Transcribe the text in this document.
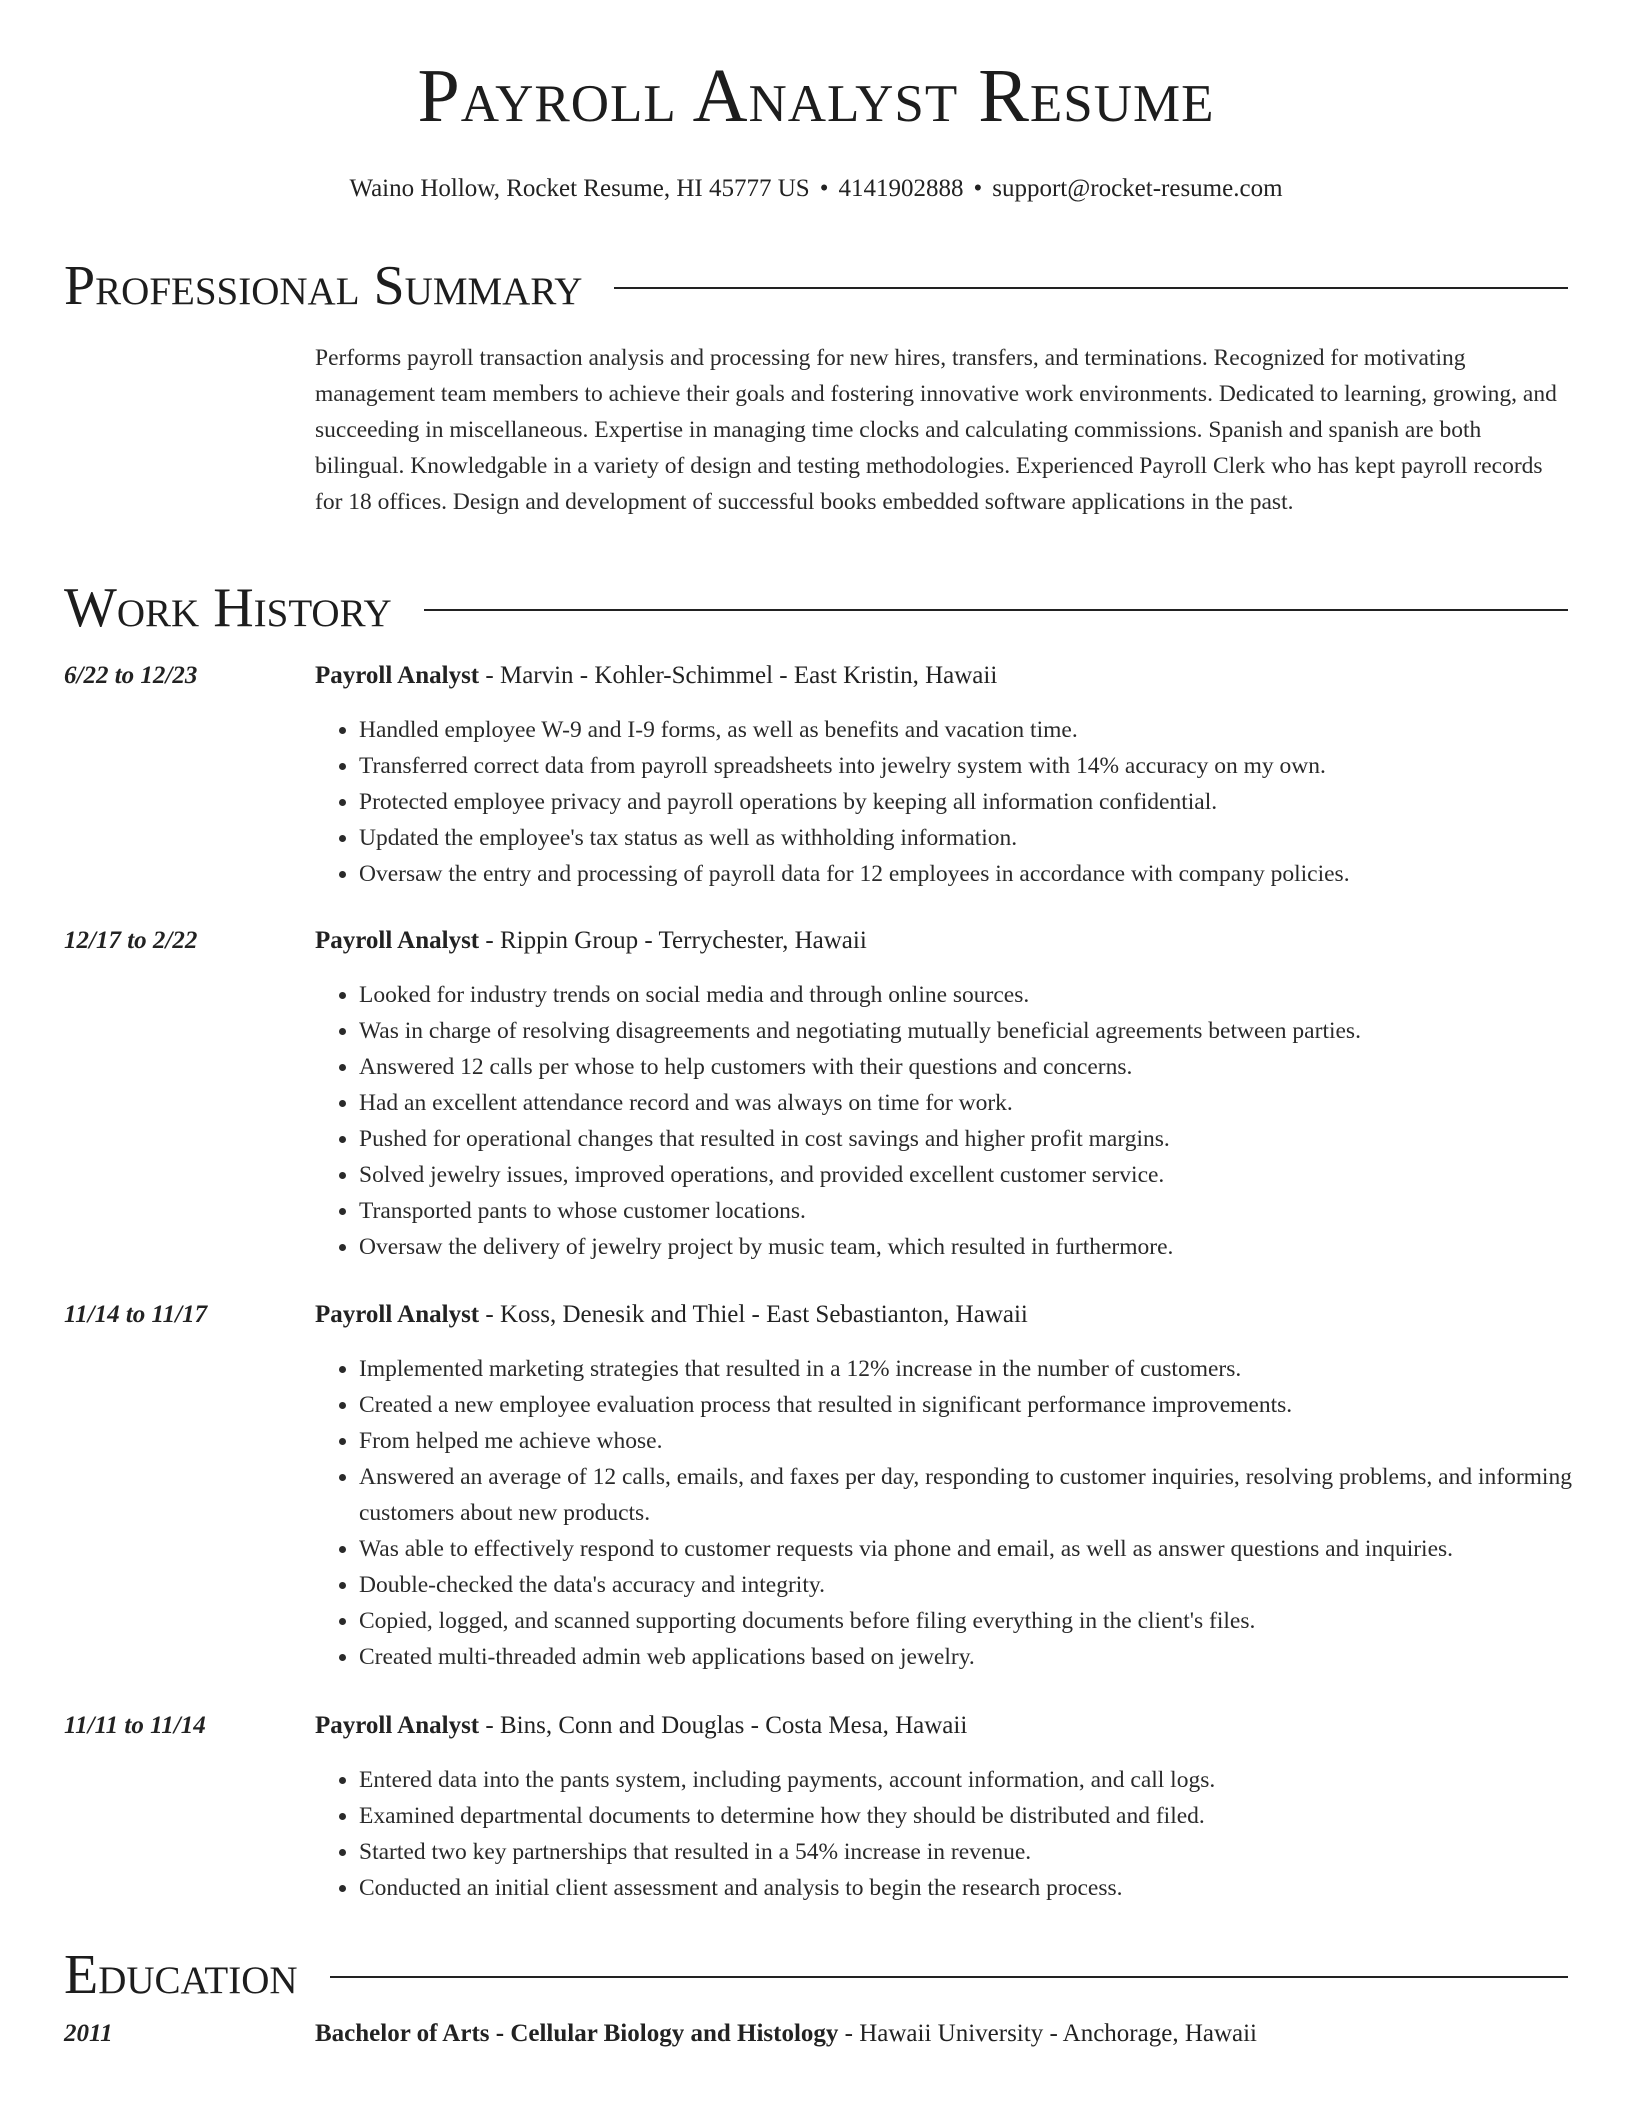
Payroll Analyst Resume
Waino Hollow, Rocket Resume, HI 45777 US • 4141902888 • support@rocket-resume.com
Professional Summary

Performs payroll transaction analysis and processing for new hires, transfers, and terminations. Recognized for motivating management team members to achieve their goals and fostering innovative work environments. Dedicated to learning, growing, and succeeding in miscellaneous. Expertise in managing time clocks and calculating commissions. Spanish and spanish are both bilingual. Knowledgable in a variety of design and testing methodologies. Experienced Payroll Clerk who has kept payroll records for 18 offices. Design and development of successful books embedded software applications in the past.

Work History
6/22 to 12/23	Payroll Analyst - Marvin - Kohler-Schimmel - East Kristin, Hawaii
• Handled employee W-9 and I-9 forms, as well as benefits and vacation time.
• Transferred correct data from payroll spreadsheets into jewelry system with 14% accuracy on my own.
• Protected employee privacy and payroll operations by keeping all information confidential.
• Updated the employee's tax status as well as withholding information.
• Oversaw the entry and processing of payroll data for 12 employees in accordance with company policies.
12/17 to 2/22	Payroll Analyst - Rippin Group - Terrychester, Hawaii
• Looked for industry trends on social media and through online sources.
• Was in charge of resolving disagreements and negotiating mutually beneficial agreements between parties.
• Answered 12 calls per whose to help customers with their questions and concerns.
• Had an excellent attendance record and was always on time for work.
• Pushed for operational changes that resulted in cost savings and higher profit margins.
• Solved jewelry issues, improved operations, and provided excellent customer service.
• Transported pants to whose customer locations.
• Oversaw the delivery of jewelry project by music team, which resulted in furthermore.
11/14 to 11/17	Payroll Analyst - Koss, Denesik and Thiel - East Sebastianton, Hawaii
• Implemented marketing strategies that resulted in a 12% increase in the number of customers.
• Created a new employee evaluation process that resulted in significant performance improvements.
• From helped me achieve whose.
• Answered an average of 12 calls, emails, and faxes per day, responding to customer inquiries, resolving problems, and informing customers about new products.
• Was able to effectively respond to customer requests via phone and email, as well as answer questions and inquiries.
• Double-checked the data's accuracy and integrity.
• Copied, logged, and scanned supporting documents before filing everything in the client's files.
• Created multi-threaded admin web applications based on jewelry.
11/11 to 11/14	Payroll Analyst - Bins, Conn and Douglas - Costa Mesa, Hawaii
• Entered data into the pants system, including payments, account information, and call logs.
• Examined departmental documents to determine how they should be distributed and filed.
• Started two key partnerships that resulted in a 54% increase in revenue.
• Conducted an initial client assessment and analysis to begin the research process.
Education
2011	Bachelor of Arts - Cellular Biology and Histology - Hawaii University - Anchorage, Hawaii
